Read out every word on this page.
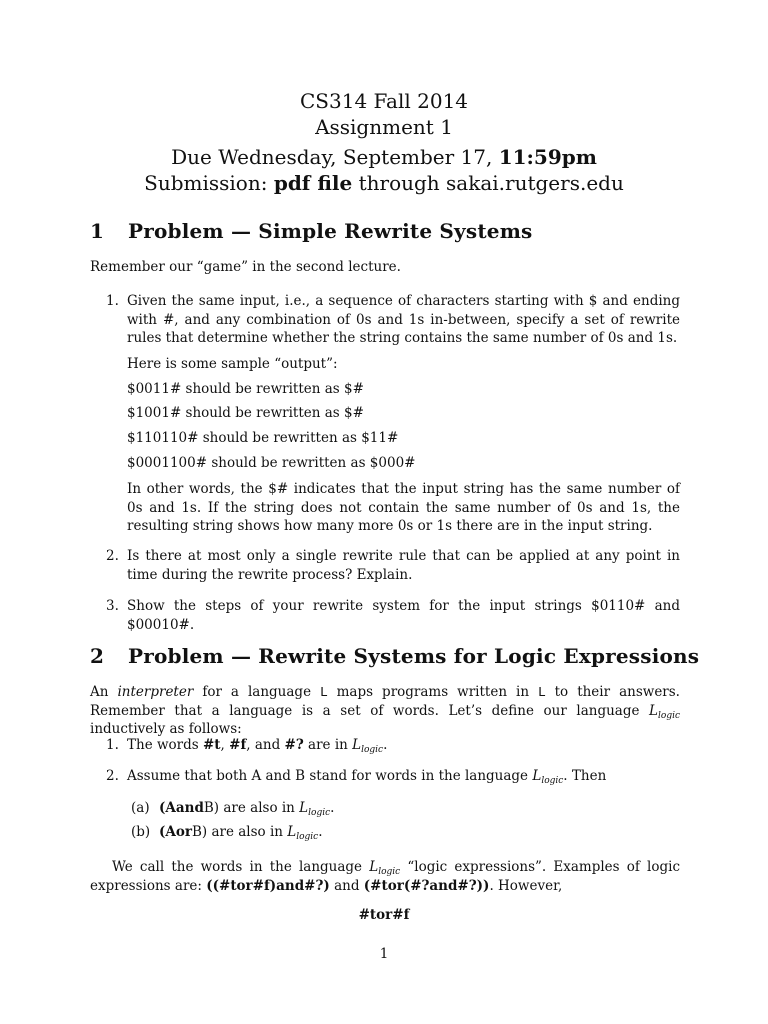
CS314 Fall 2014
Assignment 1
Due Wednesday, September 17, 11:59pm
Submission: pdf file through sakai.rutgers.edu
1 Problem — Simple Rewrite Systems
Remember our “game” in the second lecture.
1. Given the same input, i.e., a sequence of characters starting with $ and ending with #, and any combination of 0s and 1s in-between, specify a set of rewrite rules that determine whether the string contains the same number of 0s and 1s.
Here is some sample “output”:
$0011# should be rewritten as $#
$1001# should be rewritten as $#
$110110# should be rewritten as $11#
$0001100# should be rewritten as $000#
In other words, the $# indicates that the input string has the same number of 0s and 1s. If the string does not contain the same number of 0s and 1s, the resulting string shows how many more 0s or 1s there are in the input string.
2. Is there at most only a single rewrite rule that can be applied at any point in time during the rewrite process? Explain.
3. Show the steps of your rewrite system for the input strings $0110# and $00010#.
2 Problem — Rewrite Systems for Logic Expressions
An interpreter for a language L maps programs written in L to their answers. Remember that a language is a set of words. Let’s define our language $L_{logic}$ inductively as follows:
1. The words #t, #f, and #? are in $L_{logic}$.
2. Assume that both A and B stand for words in the language $L_{logic}$. Then
(a) (AandB) are also in $L_{logic}$.
(b) (AorB) are also in $L_{logic}$.
We call the words in the language $L_{logic}$ “logic expressions”. Examples of logic expressions are: ((#tor#f)and#?) and (#tor(#?and#?)). However,
#tor#f
1
